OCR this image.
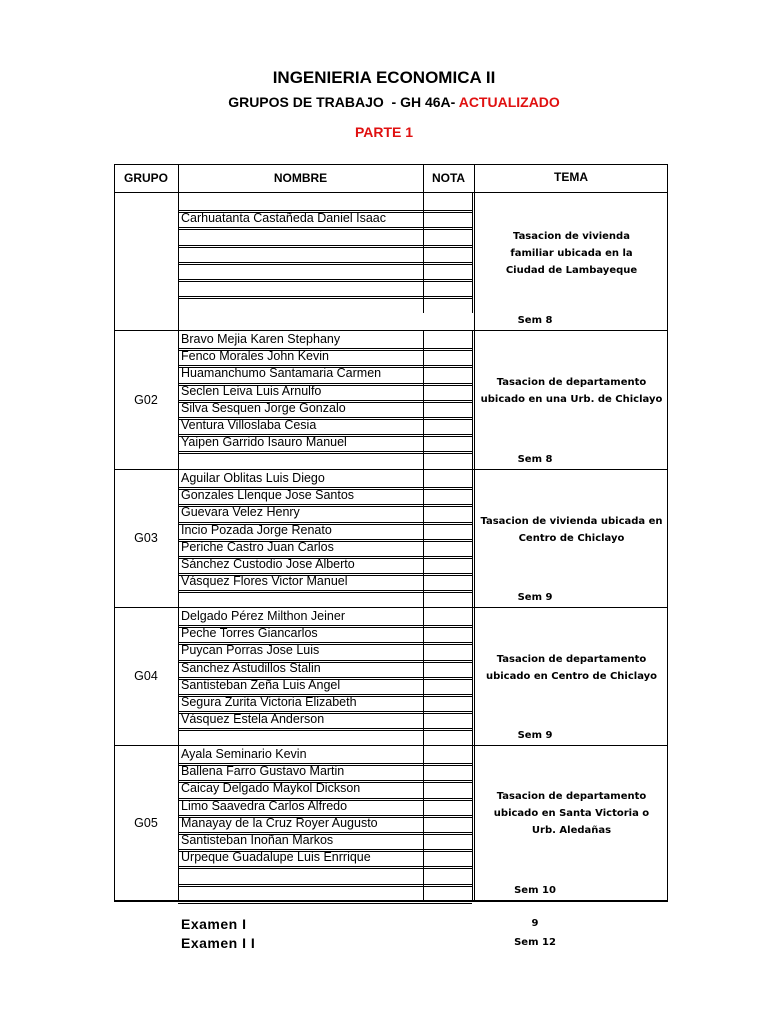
INGENIERIA ECONOMICA II
GRUPOS DE TRABAJO  - GH 46A- ACTUALIZADO
PARTE 1
GRUPO	NOMBRE	NOTA	TEMA
Carhuatanta Castañeda Daniel Isaac
Tasacion de vivienda familiar ubicada en la Ciudad de Lambayeque
Sem 8
Bravo Mejia Karen Stephany
Fenco Morales John Kevin
Huamanchumo Santamaria Carmen
Seclen Leiva Luis Arnulfo
Silva Sesquen Jorge Gonzalo
Ventura Villoslaba Cesia
Yaipen Garrido Isauro Manuel
G02
Tasacion de departamento ubicado en una Urb. de Chiclayo
Sem 8
Aguilar Oblitas Luis Diego
Gonzales Llenque Jose Santos
Guevara Velez Henry
Incio Pozada Jorge Renato
Periche Castro Juan Carlos
Sánchez Custodio Jose Alberto
Vásquez Flores Victor Manuel
G03
Tasacion de vivienda ubicada en Centro de Chiclayo
Sem 9
Delgado Pérez Milthon Jeiner
Peche Torres Giancarlos
Puycan Porras Jose Luis
Sanchez Astudillos Stalin
Santisteban Zeña Luis Angel
Segura Zurita Victoria Elizabeth
Vásquez Estela Anderson
G04
Tasacion de departamento ubicado en Centro de Chiclayo
Sem 9
Ayala Seminario Kevin
Ballena Farro Gustavo Martin
Caicay Delgado Maykol Dickson
Limo Saavedra Carlos Alfredo
Manayay de la Cruz Royer Augusto
Santisteban Inoñan Markos
Urpeque Guadalupe Luis Enrrique
G05
Tasacion de departamento ubicado en Santa Victoria o Urb. Aledañas
Sem 10
Examen I	9
Examen I I	Sem 12
